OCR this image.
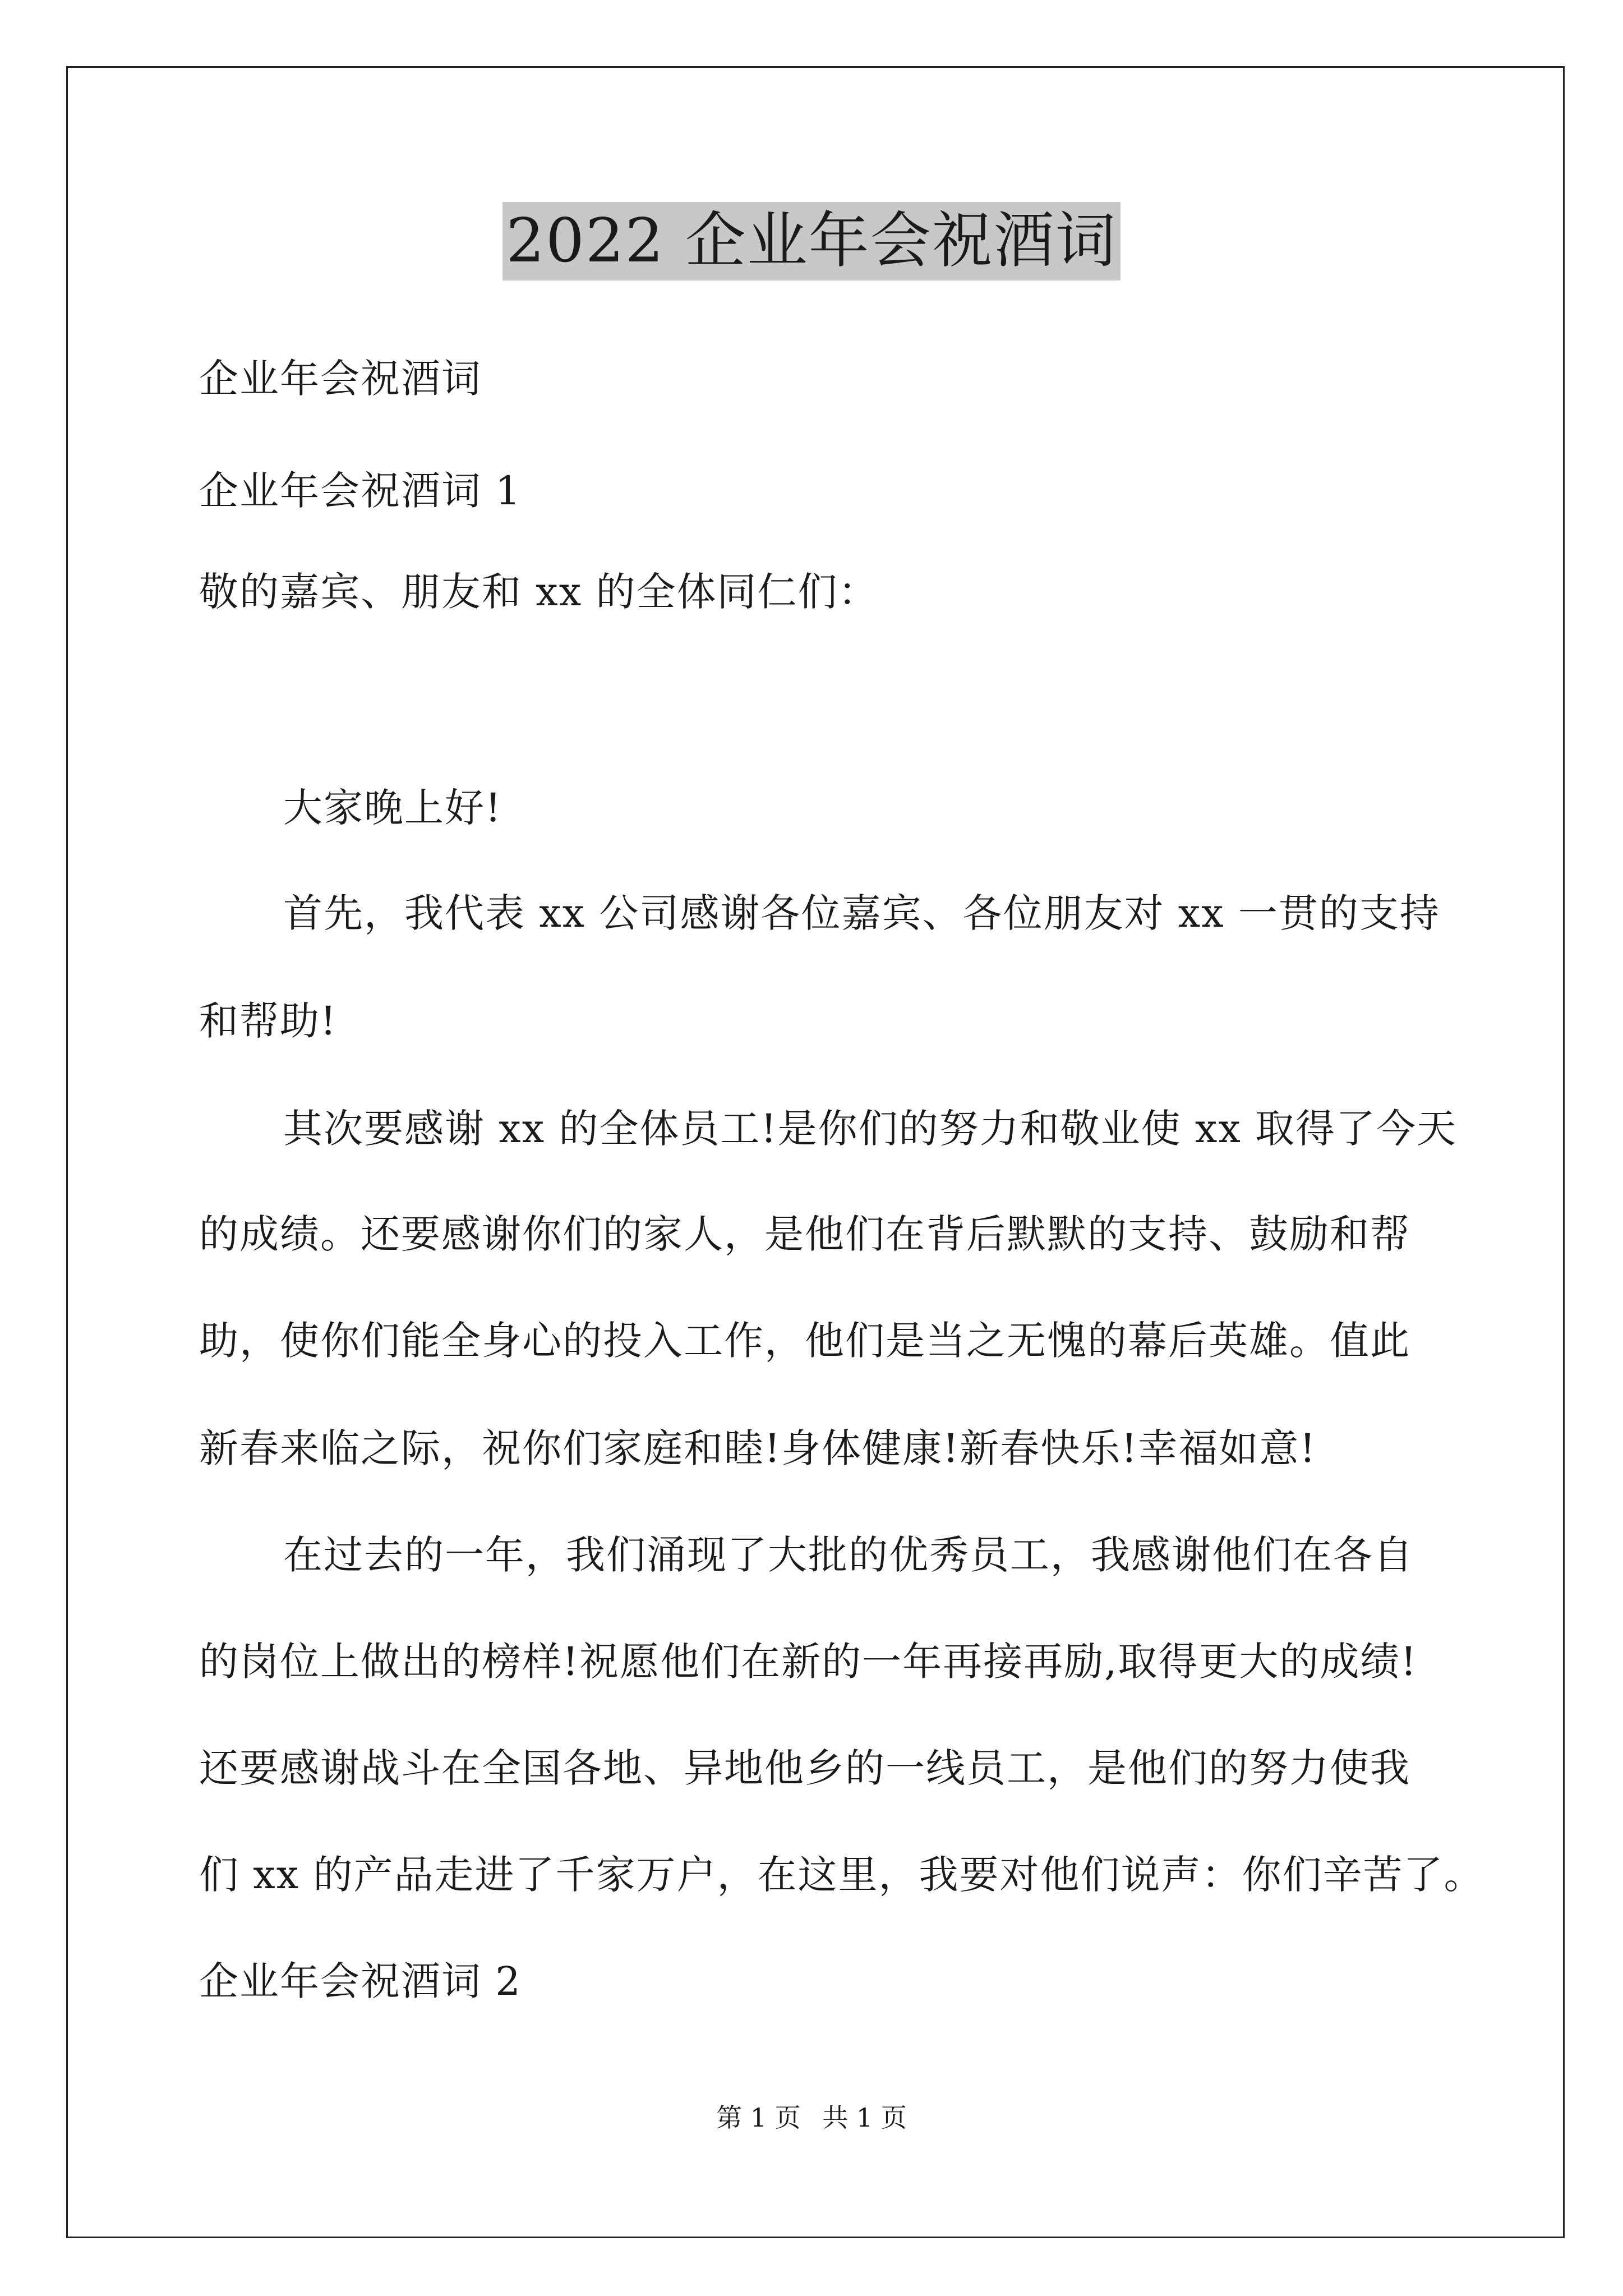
2022 企业年会祝酒词
企业年会祝酒词
企业年会祝酒词 1
敬的嘉宾、朋友和 xx 的全体同仁们：
大家晚上好!
首先，我代表 xx 公司感谢各位嘉宾、各位朋友对 xx 一贯的支持
和帮助!
其次要感谢 xx 的全体员工!是你们的努力和敬业使 xx 取得了今天
的成绩。还要感谢你们的家人，是他们在背后默默的支持、鼓励和帮
助，使你们能全身心的投入工作，他们是当之无愧的幕后英雄。值此
新春来临之际，祝你们家庭和睦!身体健康!新春快乐!幸福如意!
在过去的一年，我们涌现了大批的优秀员工，我感谢他们在各自
的岗位上做出的榜样!祝愿他们在新的一年再接再励,取得更大的成绩!
还要感谢战斗在全国各地、异地他乡的一线员工，是他们的努力使我
们 xx 的产品走进了千家万户，在这里，我要对他们说声：你们辛苦了。
企业年会祝酒词 2
第 1 页 共 1 页
